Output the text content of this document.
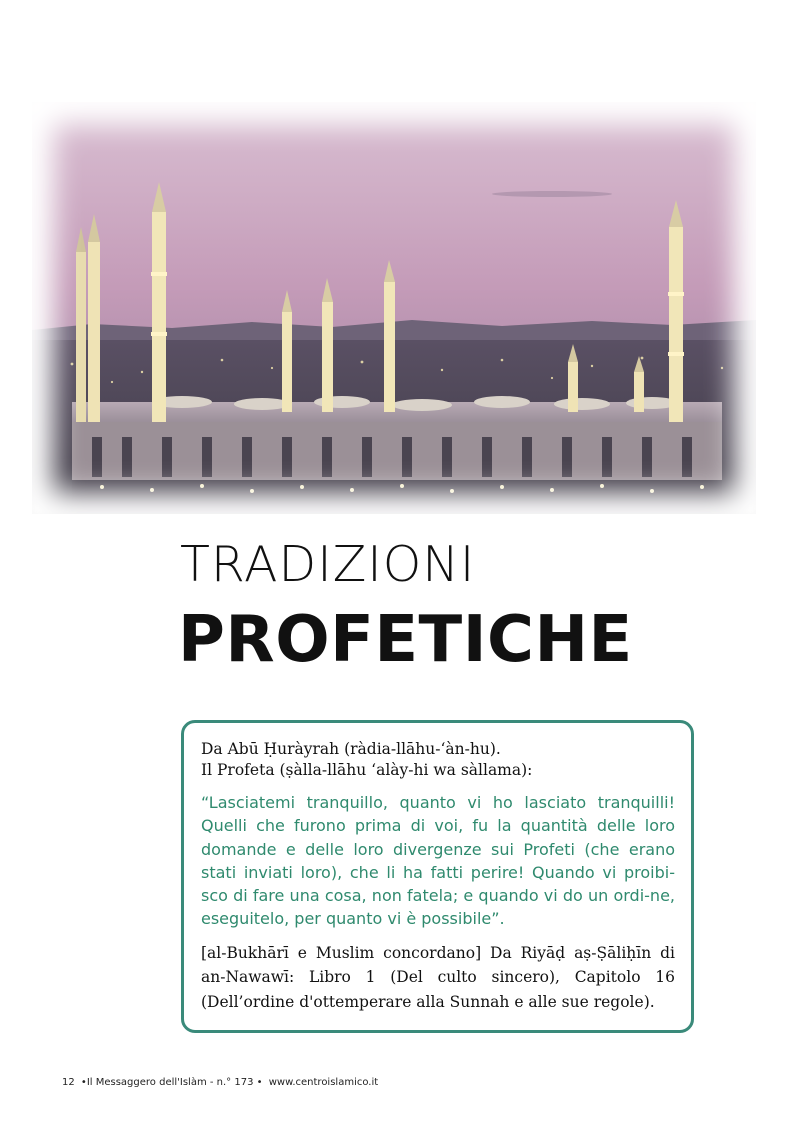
TRADIZIONI
PROFETICHE

Da Abū Ḥuràyrah (ràdia-llāhu-‘àn-hu).
Il Profeta (ṣàlla-llāhu ‘alày-hi wa sàllama):

“Lasciatemi tranquillo, quanto vi ho lasciato tranquilli! Quelli che furono prima di voi, fu la quantità delle loro domande e delle loro divergenze sui Profeti (che erano stati inviati loro), che li ha fatti perire! Quando vi proibi-sco di fare una cosa, non fatela; e quando vi do un ordi-ne, eseguitelo, per quanto vi è possibile”.

[al-Bukhārī e Muslim concordano] Da Riyāḍ aṣ-Ṣāliḥīn di an-Nawawī: Libro 1 (Del culto sincero), Capitolo 16 (Dell’ordine d'ottemperare alla Sunnah e alle sue regole).

12 •Il Messaggero dell'Islàm - n.° 173 • www.centroislamico.it
